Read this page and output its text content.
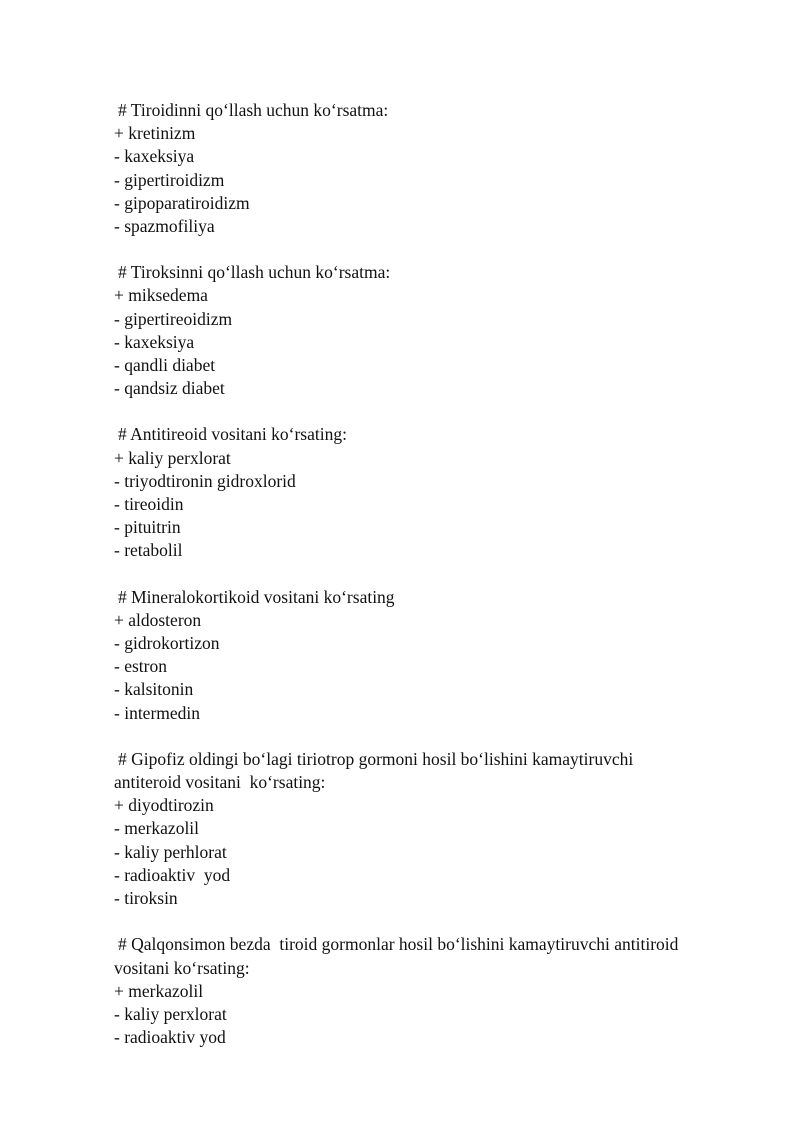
# Tiroidinni qo‘llash uchun ko‘rsatma:

+ kretinizm

- kaxeksiya

- gipertiroidizm

- gipoparatiroidizm

- spazmofiliya

# Tiroksinni qo‘llash uchun ko‘rsatma:

+ miksedema

- gipertireoidizm

- kaxeksiya

- qandli diabet

- qandsiz diabet

# Antitireoid vositani ko‘rsating:

+ kaliy perxlorat

- triyodtironin gidroxlorid

- tireoidin

- pituitrin

- retabolil

# Mineralokortikoid vositani ko‘rsating

+ aldosteron

- gidrokortizon

- estron

- kalsitonin

- intermedin

# Gipofiz oldingi bo‘lagi tiriotrop gormoni hosil bo‘lishini kamaytiruvchi
antiteroid vositani  ko‘rsating:

+ diyodtirozin

- merkazolil

- kaliy perhlorat

- radioaktiv  yod

- tiroksin

# Qalqonsimon bezda  tiroid gormonlar hosil bo‘lishini kamaytiruvchi antitiroid
vositani ko‘rsating:

+ merkazolil

- kaliy perxlorat

- radioaktiv yod
